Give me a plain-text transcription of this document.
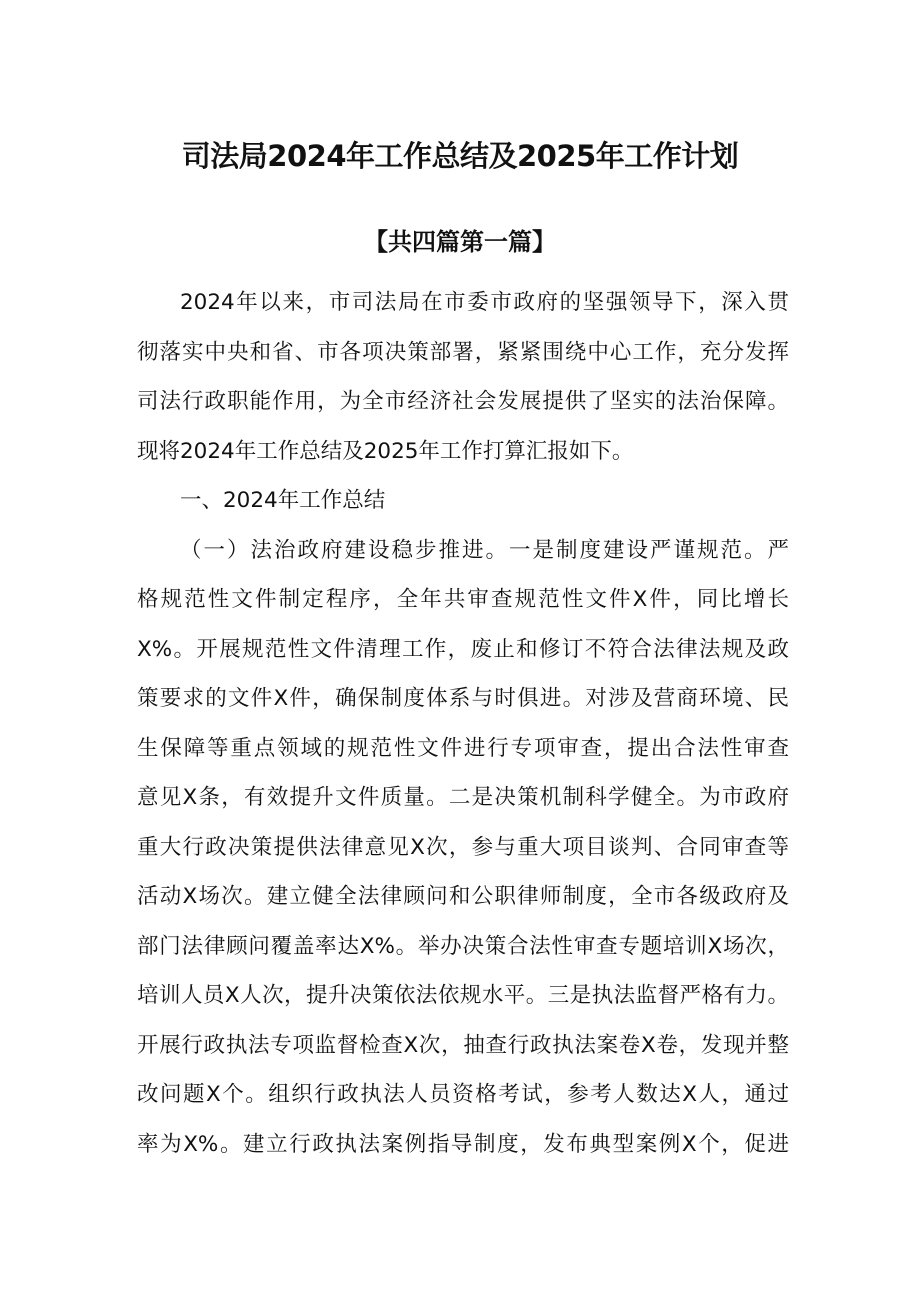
司法局2024年工作总结及2025年工作计划
【共四篇第一篇】
2024年以来，市司法局在市委市政府的坚强领导下，深入贯
彻落实中央和省、市各项决策部署，紧紧围绕中心工作，充分发挥
司法行政职能作用，为全市经济社会发展提供了坚实的法治保障。
现将2024年工作总结及2025年工作打算汇报如下。
一、2024年工作总结
（一）法治政府建设稳步推进。一是制度建设严谨规范。严
格规范性文件制定程序，全年共审查规范性文件X件，同比增长
X%。开展规范性文件清理工作，废止和修订不符合法律法规及政
策要求的文件X件，确保制度体系与时俱进。对涉及营商环境、民
生保障等重点领域的规范性文件进行专项审查，提出合法性审查
意见X条，有效提升文件质量。二是决策机制科学健全。为市政府
重大行政决策提供法律意见X次，参与重大项目谈判、合同审查等
活动X场次。建立健全法律顾问和公职律师制度，全市各级政府及
部门法律顾问覆盖率达X%。举办决策合法性审查专题培训X场次，
培训人员X人次，提升决策依法依规水平。三是执法监督严格有力。
开展行政执法专项监督检查X次，抽查行政执法案卷X卷，发现并整
改问题X个。组织行政执法人员资格考试，参考人数达X人，通过
率为X%。建立行政执法案例指导制度，发布典型案例X个，促进
